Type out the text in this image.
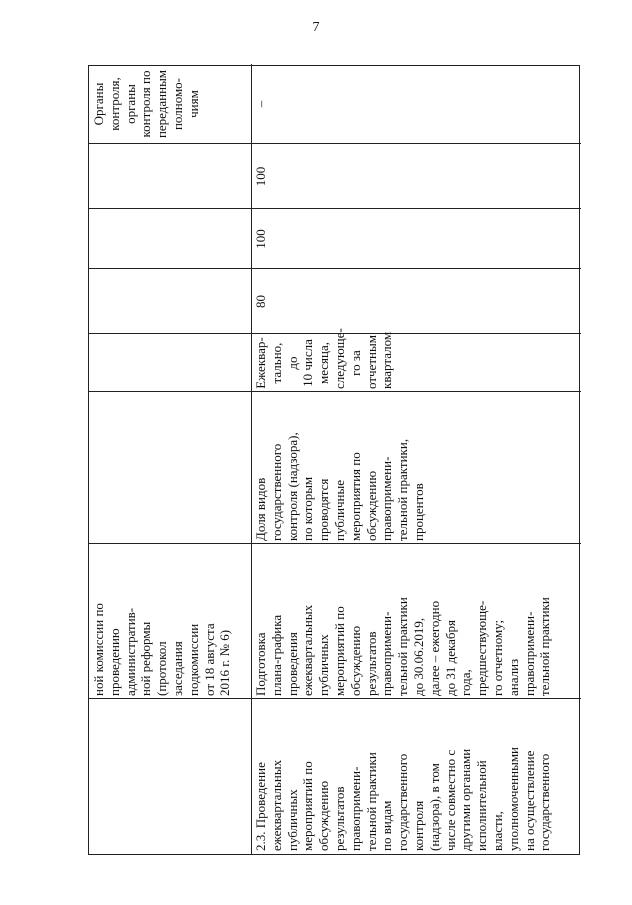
7
ной комиссии по
проведению
административ-
ной реформы
(протокол
заседания
подкомиссии
от 18 августа
2016 г. № 6)
Органы
контроля,
органы
контроля по
переданным
полномо-
чиям
2.3. Проведение
ежеквартальных
публичных
мероприятий по
обсуждению
результатов
правопримени-
тельной практики
по видам
государственного
контроля
(надзора), в том
числе совместно с
другими органами
исполнительной
власти,
уполномоченными
на осуществление
государственного
Подготовка
плана-графика
проведения
ежеквартальных
публичных
мероприятий по
обсуждению
результатов
правопримени-
тельной практики
до 30.06.2019,
далее – ежегодно
до 31 декабря
года,
предшествующе-
го отчетному;
анализ
правопримени-
тельной практики
Доля видов
государственного
контроля (надзора),
по которым
проводятся
публичные
мероприятия по
обсуждению
правопримени-
тельной практики,
процентов
Ежеквар-
тально, до
10 числа
месяца,
следующе-
го за
отчетным
кварталом
80
100
100
–
